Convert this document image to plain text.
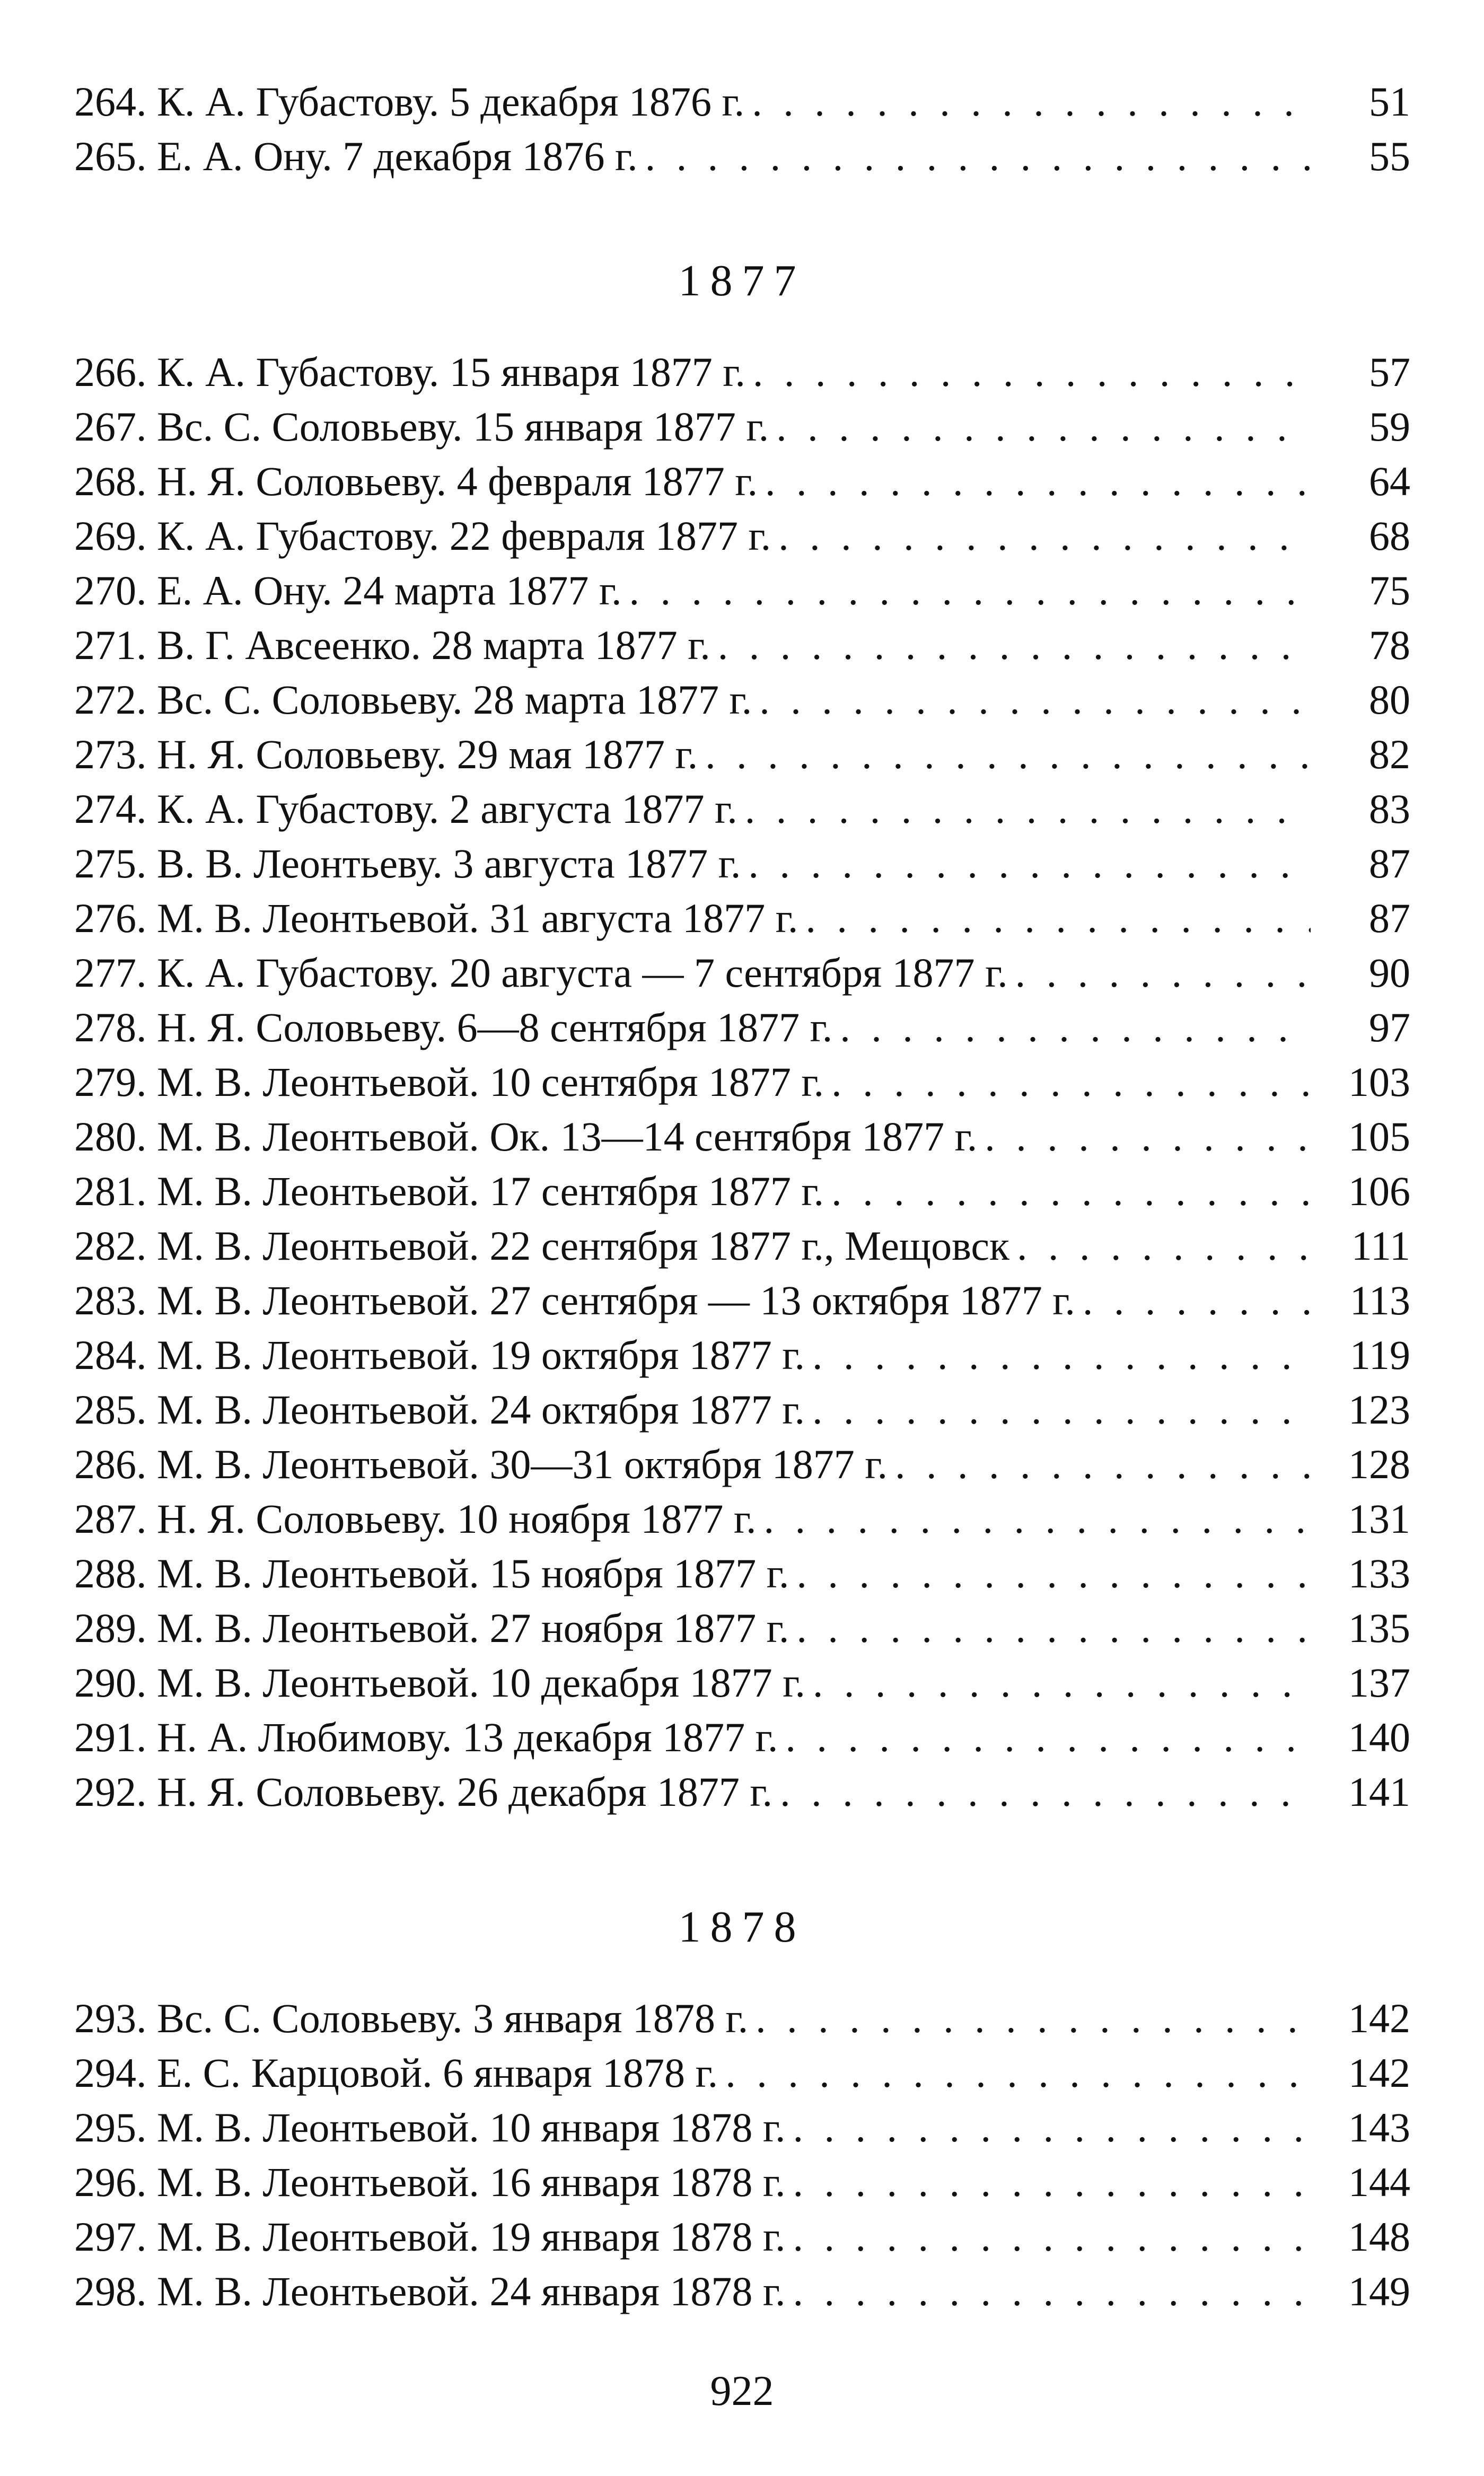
264. К. А. Губастову. 5 декабря 1876 г. . . .	51
265. Е. А. Ону. 7 декабря 1876 г. . . .	55
1877
266. К. А. Губастову. 15 января 1877 г. . . .	57
267. Вс. С. Соловьеву. 15 января 1877 г. . . .	59
268. Н. Я. Соловьеву. 4 февраля 1877 г. . . .	64
269. К. А. Губастову. 22 февраля 1877 г. . . .	68
270. Е. А. Ону. 24 марта 1877 г. . . .	75
271. В. Г. Авсеенко. 28 марта 1877 г. . . .	78
272. Вс. С. Соловьеву. 28 марта 1877 г. . . .	80
273. Н. Я. Соловьеву. 29 мая 1877 г. . . .	82
274. К. А. Губастову. 2 августа 1877 г. . . .	83
275. В. В. Леонтьеву. 3 августа 1877 г. . . .	87
276. М. В. Леонтьевой. 31 августа 1877 г. . . .	87
277. К. А. Губастову. 20 августа — 7 сентября 1877 г. . . .	90
278. Н. Я. Соловьеву. 6—8 сентября 1877 г. . . .	97
279. М. В. Леонтьевой. 10 сентября 1877 г. . . .	103
280. М. В. Леонтьевой. Ок. 13—14 сентября 1877 г. . . .	105
281. М. В. Леонтьевой. 17 сентября 1877 г. . . .	106
282. М. В. Леонтьевой. 22 сентября 1877 г., Мещовск . . .	111
283. М. В. Леонтьевой. 27 сентября — 13 октября 1877 г. . . .	113
284. М. В. Леонтьевой. 19 октября 1877 г. . . .	119
285. М. В. Леонтьевой. 24 октября 1877 г. . . .	123
286. М. В. Леонтьевой. 30—31 октября 1877 г. . . .	128
287. Н. Я. Соловьеву. 10 ноября 1877 г. . . .	131
288. М. В. Леонтьевой. 15 ноября 1877 г. . . .	133
289. М. В. Леонтьевой. 27 ноября 1877 г. . . .	135
290. М. В. Леонтьевой. 10 декабря 1877 г. . . .	137
291. Н. А. Любимову. 13 декабря 1877 г. . . .	140
292. Н. Я. Соловьеву. 26 декабря 1877 г. . . .	141
1878
293. Вс. С. Соловьеву. 3 января 1878 г. . . .	142
294. Е. С. Карцовой. 6 января 1878 г. . . .	142
295. М. В. Леонтьевой. 10 января 1878 г. . . .	143
296. М. В. Леонтьевой. 16 января 1878 г. . . .	144
297. М. В. Леонтьевой. 19 января 1878 г. . . .	148
298. М. В. Леонтьевой. 24 января 1878 г. . . .	149
922
